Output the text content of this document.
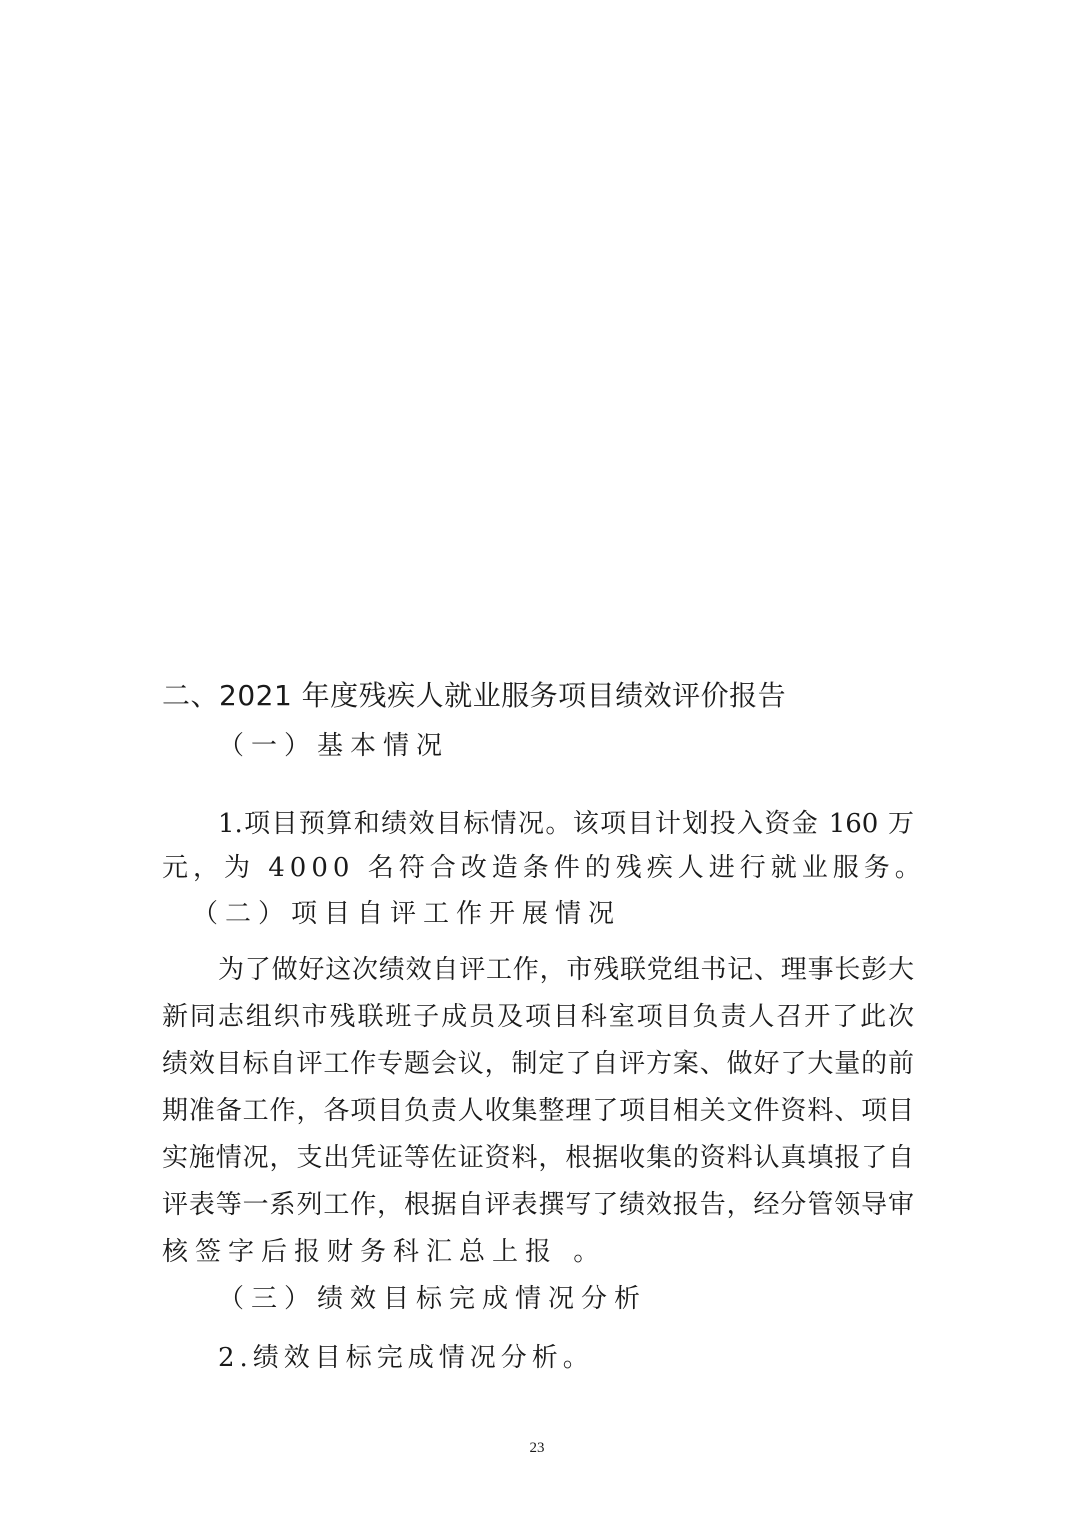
二、2021 年度残疾人就业服务项目绩效评价报告
（一）基本情况
1.项目预算和绩效目标情况。该项目计划投入资金 160 万
元，为 4000 名符合改造条件的残疾人进行就业服务。
（二）项目自评工作开展情况
为了做好这次绩效自评工作，市残联党组书记、理事长彭大
新同志组织市残联班子成员及项目科室项目负责人召开了此次
绩效目标自评工作专题会议，制定了自评方案、做好了大量的前
期准备工作，各项目负责人收集整理了项目相关文件资料、项目
实施情况，支出凭证等佐证资料，根据收集的资料认真填报了自
评表等一系列工作，根据自评表撰写了绩效报告，经分管领导审
核签字后报财务科汇总上报 。
（三）绩效目标完成情况分析
2.绩效目标完成情况分析。
23
